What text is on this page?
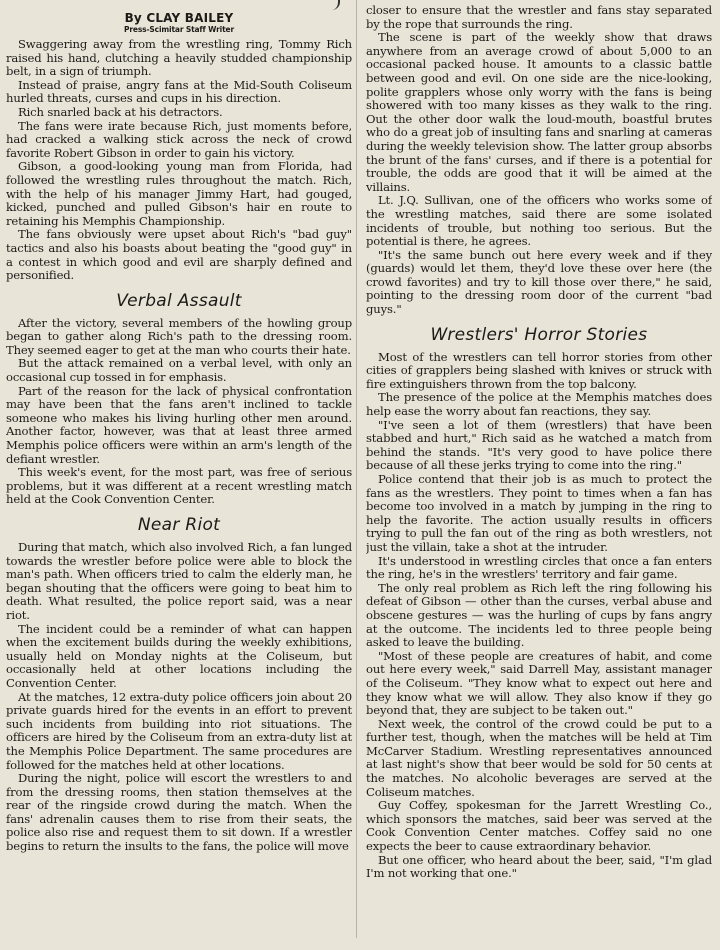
By CLAY BAILEY
Press-Scimitar Staff Writer

Swaggering away from the wrestling ring, Tommy Rich raised his hand, clutching a heavily studded championship belt, in a sign of triumph.

Instead of praise, angry fans at the Mid-South Coliseum hurled threats, curses and cups in his direction.

Rich snarled back at his detractors.

The fans were irate because Rich, just moments before, had cracked a walking stick across the neck of crowd favorite Robert Gibson in order to gain his victory.

Gibson, a good-looking young man from Florida, had followed the wrestling rules throughout the match. Rich, with the help of his manager Jimmy Hart, had gouged, kicked, punched and pulled Gibson's hair en route to retaining his Memphis Championship.

The fans obviously were upset about Rich's "bad guy" tactics and also his boasts about beating the "good guy" in a contest in which good and evil are sharply defined and personified.

Verbal Assault

After the victory, several members of the howling group began to gather along Rich's path to the dressing room. They seemed eager to get at the man who courts their hate.

But the attack remained on a verbal level, with only an occasional cup tossed in for emphasis.

Part of the reason for the lack of physical confrontation may have been that the fans aren't inclined to tackle someone who makes his living hurling other men around. Another factor, however, was that at least three armed Memphis police officers were within an arm's length of the defiant wrestler.

This week's event, for the most part, was free of serious problems, but it was different at a recent wrestling match held at the Cook Convention Center.

Near Riot

During that match, which also involved Rich, a fan lunged towards the wrestler before police were able to block the man's path. When officers tried to calm the elderly man, he began shouting that the officers were going to beat him to death. What resulted, the police report said, was a near riot.

The incident could be a reminder of what can happen when the excitement builds during the weekly exhibitions, usually held on Monday nights at the Coliseum, but occasionally held at other locations including the Convention Center.

At the matches, 12 extra-duty police officers join about 20 private guards hired for the events in an effort to prevent such incidents from building into riot situations. The officers are hired by the Coliseum from an extra-duty list at the Memphis Police Department. The same procedures are followed for the matches held at other locations.

During the night, police will escort the wrestlers to and from the dressing rooms, then station themselves at the rear of the ringside crowd during the match. When the fans' adrenalin causes them to rise from their seats, the police also rise and request them to sit down. If a wrestler begins to return the insults to the fans, the police will move

closer to ensure that the wrestler and fans stay separated by the rope that surrounds the ring.

The scene is part of the weekly show that draws anywhere from an average crowd of about 5,000 to an occasional packed house. It amounts to a classic battle between good and evil. On one side are the nice-looking, polite grapplers whose only worry with the fans is being showered with too many kisses as they walk to the ring. Out the other door walk the loud-mouth, boastful brutes who do a great job of insulting fans and snarling at cameras during the weekly television show. The latter group absorbs the brunt of the fans' curses, and if there is a potential for trouble, the odds are good that it will be aimed at the villains.

Lt. J.Q. Sullivan, one of the officers who works some of the wrestling matches, said there are some isolated incidents of trouble, but nothing too serious. But the potential is there, he agrees.

"It's the same bunch out here every week and if they (guards) would let them, they'd love these over here (the crowd favorites) and try to kill those over there," he said, pointing to the dressing room door of the current "bad guys."

Wrestlers' Horror Stories

Most of the wrestlers can tell horror stories from other cities of grapplers being slashed with knives or struck with fire extinguishers thrown from the top balcony.

The presence of the police at the Memphis matches does help ease the worry about fan reactions, they say.

"I've seen a lot of them (wrestlers) that have been stabbed and hurt," Rich said as he watched a match from behind the stands. "It's very good to have police there because of all these jerks trying to come into the ring."

Police contend that their job is as much to protect the fans as the wrestlers. They point to times when a fan has become too involved in a match by jumping in the ring to help the favorite. The action usually results in officers trying to pull the fan out of the ring as both wrestlers, not just the villain, take a shot at the intruder.

It's understood in wrestling circles that once a fan enters the ring, he's in the wrestlers' territory and fair game.

The only real problem as Rich left the ring following his defeat of Gibson — other than the curses, verbal abuse and obscene gestures — was the hurling of cups by fans angry at the outcome. The incidents led to three people being asked to leave the building.

"Most of these people are creatures of habit, and come out here every week," said Darrell May, assistant manager of the Coliseum. "They know what to expect out here and they know what we will allow. They also know if they go beyond that, they are subject to be taken out."

Next week, the control of the crowd could be put to a further test, though, when the matches will be held at Tim McCarver Stadium. Wrestling representatives announced at last night's show that beer would be sold for 50 cents at the matches. No alcoholic beverages are served at the Coliseum matches.

Guy Coffey, spokesman for the Jarrett Wrestling Co., which sponsors the matches, said beer was served at the Cook Convention Center matches. Coffey said no one expects the beer to cause extraordinary behavior.

But one officer, who heard about the beer, said, "I'm glad I'm not working that one."
